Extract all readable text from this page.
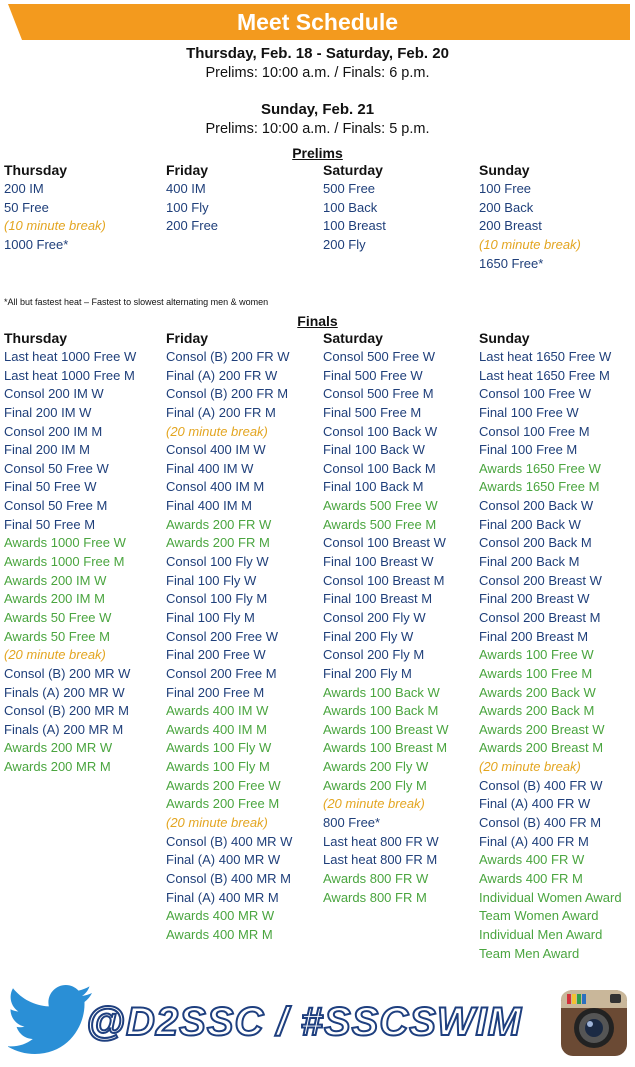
Meet Schedule
Thursday, Feb. 18 - Saturday, Feb. 20
Prelims: 10:00 a.m. / Finals: 6 p.m.
Sunday, Feb. 21
Prelims: 10:00 a.m. / Finals: 5 p.m.
Prelims
Thursday
200 IM
50 Free
(10 minute break)
1000 Free*
Friday
400 IM
100 Fly
200 Free
Saturday
500 Free
100 Back
100 Breast
200 Fly
Sunday
100 Free
200 Back
200 Breast
(10 minute break)
1650 Free*
*All but fastest heat – Fastest to slowest alternating men & women
Finals
Thursday
Last heat 1000 Free W
Last heat 1000 Free M
Consol 200 IM W
Final 200 IM W
Consol 200 IM M
Final 200 IM M
Consol 50 Free W
Final 50 Free W
Consol 50 Free M
Final 50 Free M
Awards 1000 Free W
Awards 1000 Free M
Awards 200 IM W
Awards 200 IM M
Awards 50 Free W
Awards 50 Free M
(20 minute break)
Consol (B) 200 MR W
Finals (A) 200 MR W
Consol (B) 200 MR M
Finals (A) 200 MR M
Awards 200 MR W
Awards 200 MR M
Friday
Consol (B) 200 FR W
Final (A) 200 FR W
Consol (B) 200 FR M
Final (A) 200 FR M
(20 minute break)
Consol 400 IM W
Final 400 IM W
Consol 400 IM M
Final 400 IM M
Awards 200 FR W
Awards 200 FR M
Consol 100 Fly W
Final 100 Fly W
Consol 100 Fly M
Final 100 Fly M
Consol 200 Free W
Final 200 Free W
Consol 200 Free M
Final 200 Free M
Awards 400 IM W
Awards 400 IM M
Awards 100 Fly W
Awards 100 Fly M
Awards 200 Free W
Awards 200 Free M
(20 minute break)
Consol (B) 400 MR W
Final (A) 400 MR W
Consol (B) 400 MR M
Final (A) 400 MR M
Awards 400 MR W
Awards 400 MR M
Saturday
Consol 500 Free W
Final 500 Free W
Consol 500 Free M
Final 500 Free M
Consol 100 Back W
Final 100 Back W
Consol 100 Back M
Final 100 Back M
Awards 500 Free W
Awards 500 Free M
Consol 100 Breast W
Final 100 Breast W
Consol 100 Breast M
Final 100 Breast M
Consol 200 Fly W
Final 200 Fly W
Consol 200 Fly M
Final 200 Fly M
Awards 100 Back W
Awards 100 Back M
Awards 100 Breast W
Awards 100 Breast M
Awards 200 Fly W
Awards 200 Fly M
(20 minute break)
800 Free*
Last heat 800 FR W
Last heat 800 FR M
Awards 800 FR W
Awards 800 FR M
Sunday
Last heat 1650 Free W
Last heat 1650 Free M
Consol 100 Free W
Final 100 Free W
Consol 100 Free M
Final 100 Free M
Awards 1650 Free W
Awards 1650 Free M
Consol 200 Back W
Final 200 Back W
Consol 200 Back M
Final 200 Back M
Consol 200 Breast W
Final 200 Breast W
Consol 200 Breast M
Final 200 Breast M
Awards 100 Free W
Awards 100 Free M
Awards 200 Back W
Awards 200 Back M
Awards 200 Breast W
Awards 200 Breast M
(20 minute break)
Consol (B) 400 FR W
Final (A) 400 FR W
Consol (B) 400 FR M
Final (A) 400 FR M
Awards 400 FR W
Awards 400 FR M
Individual Women Award
Team Women Award
Individual Men Award
Team Men Award
@D2SSC / #SSCSWIM
